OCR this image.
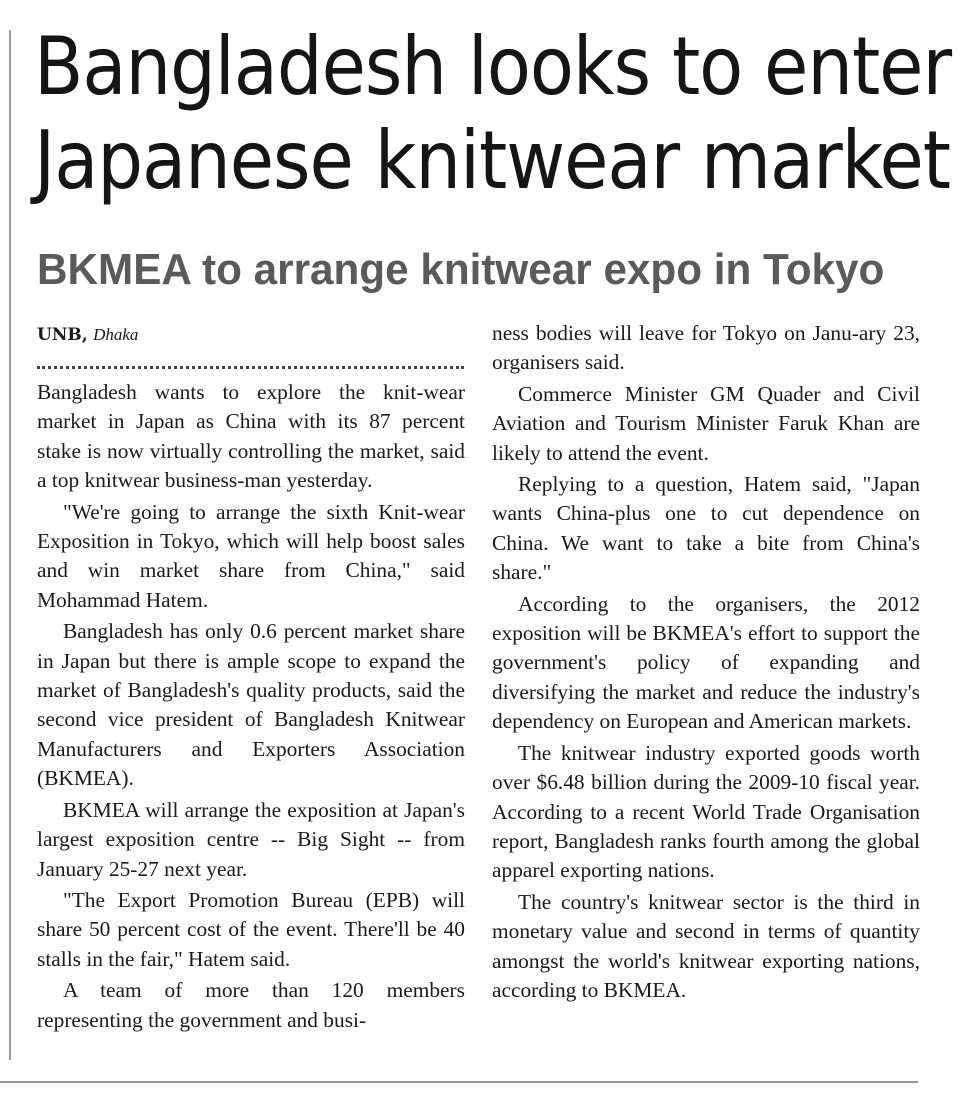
Bangladesh looks to enter
Japanese knitwear market
BKMEA to arrange knitwear expo in Tokyo
UNB, Dhaka

Bangladesh wants to explore the knit-wear market in Japan as China with its 87 percent stake is now virtually controlling the market, said a top knitwear business-man yesterday.

"We're going to arrange the sixth Knit-wear Exposition in Tokyo, which will help boost sales and win market share from China," said Mohammad Hatem.

Bangladesh has only 0.6 percent market share in Japan but there is ample scope to expand the market of Bangladesh's quality products, said the second vice president of Bangladesh Knitwear Manufacturers and Exporters Association (BKMEA).

BKMEA will arrange the exposition at Japan's largest exposition centre -- Big Sight -- from January 25-27 next year.

"The Export Promotion Bureau (EPB) will share 50 percent cost of the event. There'll be 40 stalls in the fair," Hatem said.

A team of more than 120 members representing the government and busi-

ness bodies will leave for Tokyo on Janu-ary 23, organisers said.

Commerce Minister GM Quader and Civil Aviation and Tourism Minister Faruk Khan are likely to attend the event.

Replying to a question, Hatem said, "Japan wants China-plus one to cut dependence on China. We want to take a bite from China's share."

According to the organisers, the 2012 exposition will be BKMEA's effort to support the government's policy of expanding and diversifying the market and reduce the industry's dependency on European and American markets.

The knitwear industry exported goods worth over $6.48 billion during the 2009-10 fiscal year. According to a recent World Trade Organisation report, Bangladesh ranks fourth among the global apparel exporting nations.

The country's knitwear sector is the third in monetary value and second in terms of quantity amongst the world's knitwear exporting nations, according to BKMEA.
